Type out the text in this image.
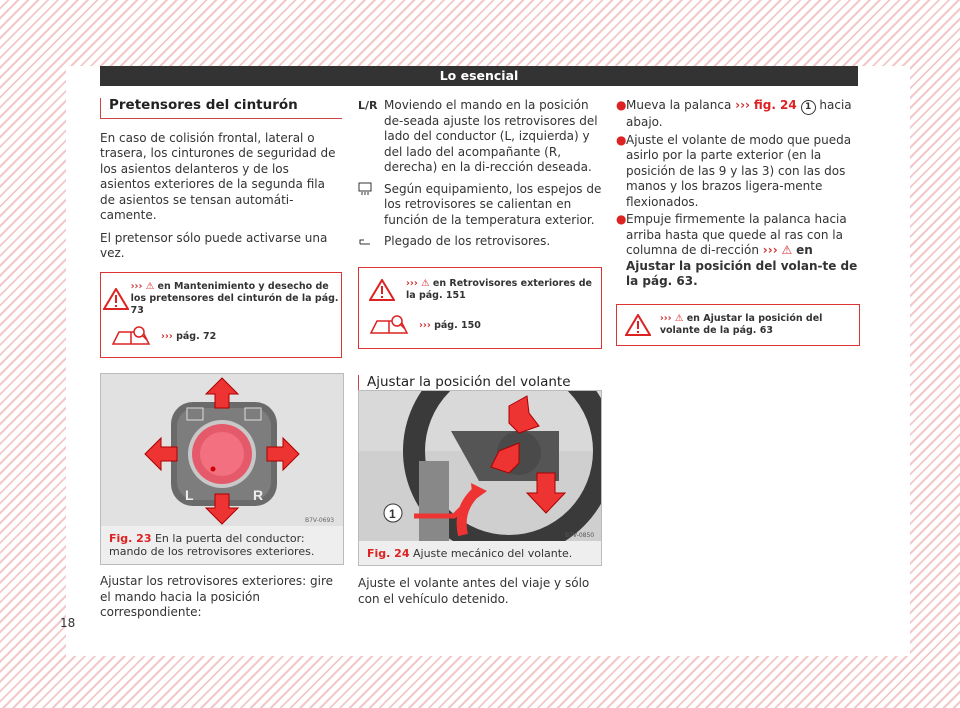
Lo esencial
Pretensores del cinturón

En caso de colisión frontal, lateral o trasera, los cinturones de seguridad de los asientos delanteros y de los asientos exteriores de la segunda fila de asientos se tensan automáti-camente.

El pretensor sólo puede activarse una vez.

››› ⚠ en Mantenimiento y desecho de los pretensores del cinturón de la pág. 73
››› pág. 72
L	R
B7V-0693
Fig. 23 En la puerta del conductor: mando de los retrovisores exteriores.

Ajustar los retrovisores exteriores: gire el mando hacia la posición correspondiente:

L/R Moviendo el mando en la posición de-seada ajuste los retrovisores del lado del conductor (L, izquierda) y del lado del acompañante (R, derecha) en la di-rección deseada.
Según equipamiento, los espejos de los retrovisores se calientan en función de la temperatura exterior.
Plegado de los retrovisores.
››› ⚠ en Retrovisores exteriores de la pág. 151
››› pág. 150
Ajustar la posición del volante
1
B7V-0850
Fig. 24 Ajuste mecánico del volante.

Ajuste el volante antes del viaje y sólo con el vehículo detenido.

● Mueva la palanca ››› fig. 24 1 hacia abajo.
● Ajuste el volante de modo que pueda asirlo por la parte exterior (en la posición de las 9 y las 3) con las dos manos y los brazos ligera-mente flexionados.
● Empuje firmemente la palanca hacia arriba hasta que quede al ras con la columna de di-rección ››› ⚠ en Ajustar la posición del volan-te de la pág. 63.
››› ⚠ en Ajustar la posición del volante de la pág. 63
18
